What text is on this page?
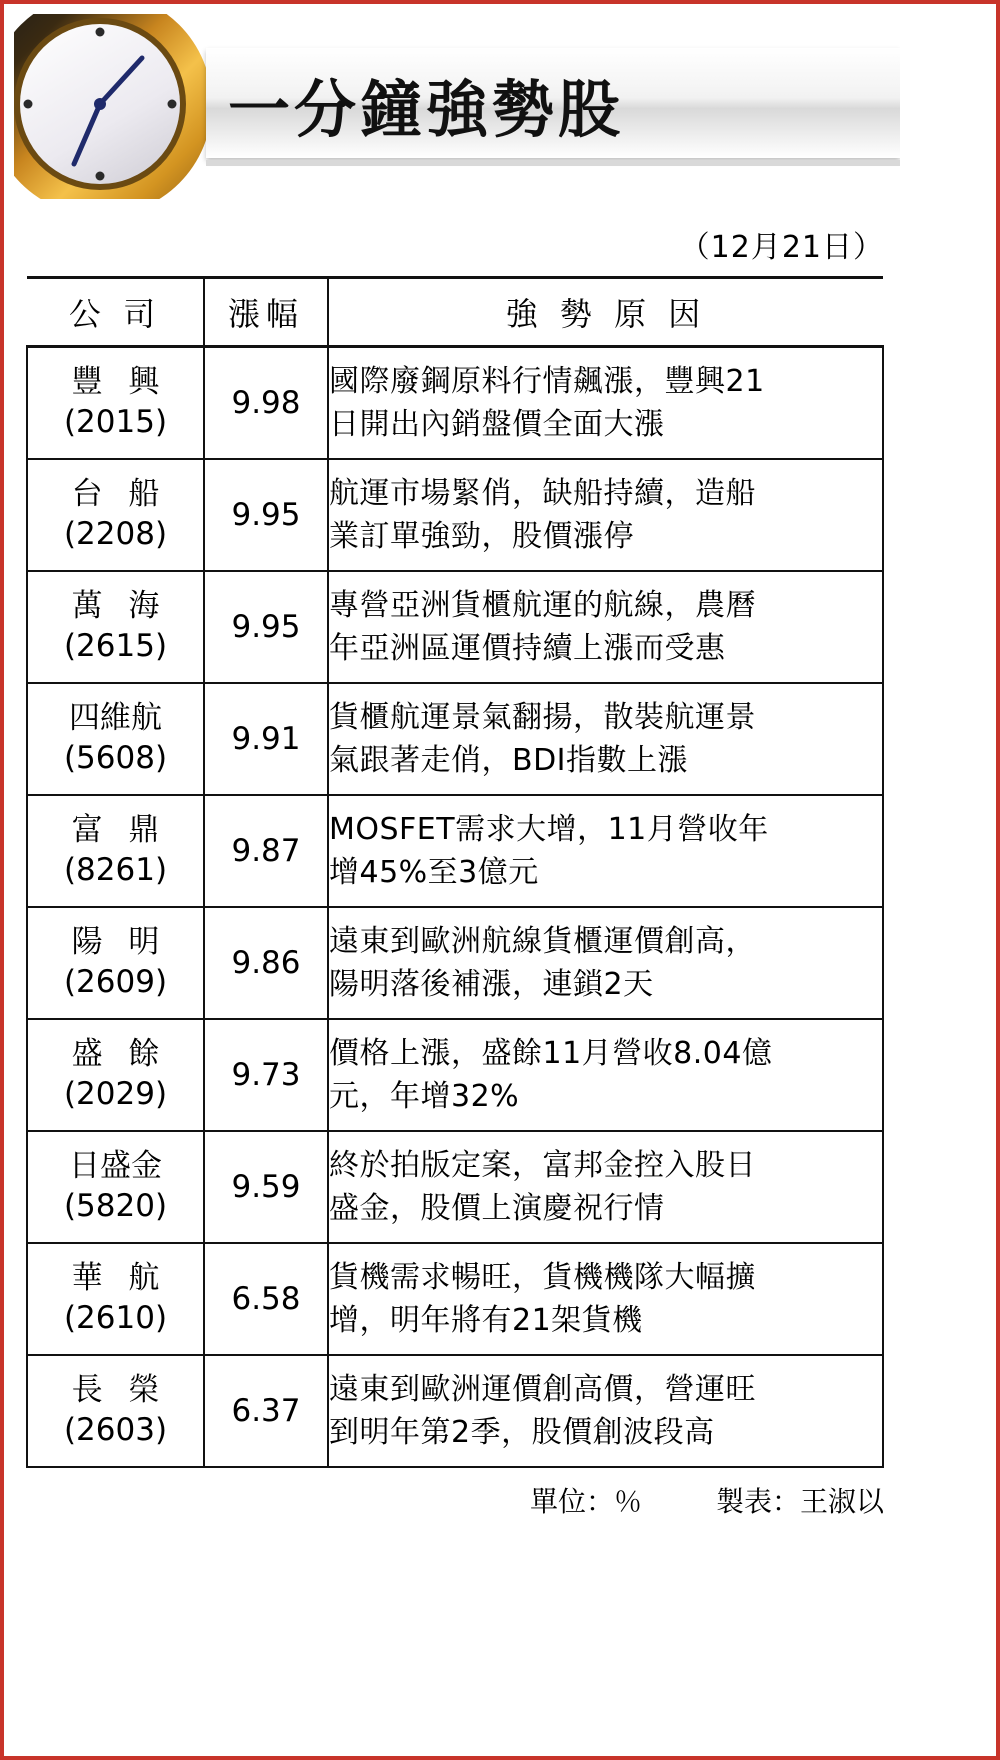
一分鐘強勢股
（12月21日）
公 司	漲幅	強 勢 原 因

豐 興
(2015)	9.98	國際廢鋼原料行情飆漲，豐興21
日開出內銷盤價全面大漲

台 船
(2208)	9.95	航運市場緊俏，缺船持續，造船
業訂單強勁，股價漲停

萬 海
(2615)	9.95	專營亞洲貨櫃航運的航線，農曆
年亞洲區運價持續上漲而受惠

四維航
(5608)	9.91	貨櫃航運景氣翻揚，散裝航運景
氣跟著走俏，BDI指數上漲

富 鼎
(8261)	9.87	MOSFET需求大增，11月營收年
增45%至3億元

陽 明
(2609)	9.86	遠東到歐洲航線貨櫃運價創高，
陽明落後補漲，連鎖2天

盛 餘
(2029)	9.73	價格上漲，盛餘11月營收8.04億
元，年增32%

日盛金
(5820)	9.59	終於拍版定案，富邦金控入股日
盛金，股價上演慶祝行情

華 航
(2610)	6.58	貨機需求暢旺，貨機機隊大幅擴
增，明年將有21架貨機

長 榮
(2603)	6.37	遠東到歐洲運價創高價，營運旺
到明年第2季，股價創波段高
單位：％	製表：王淑以
